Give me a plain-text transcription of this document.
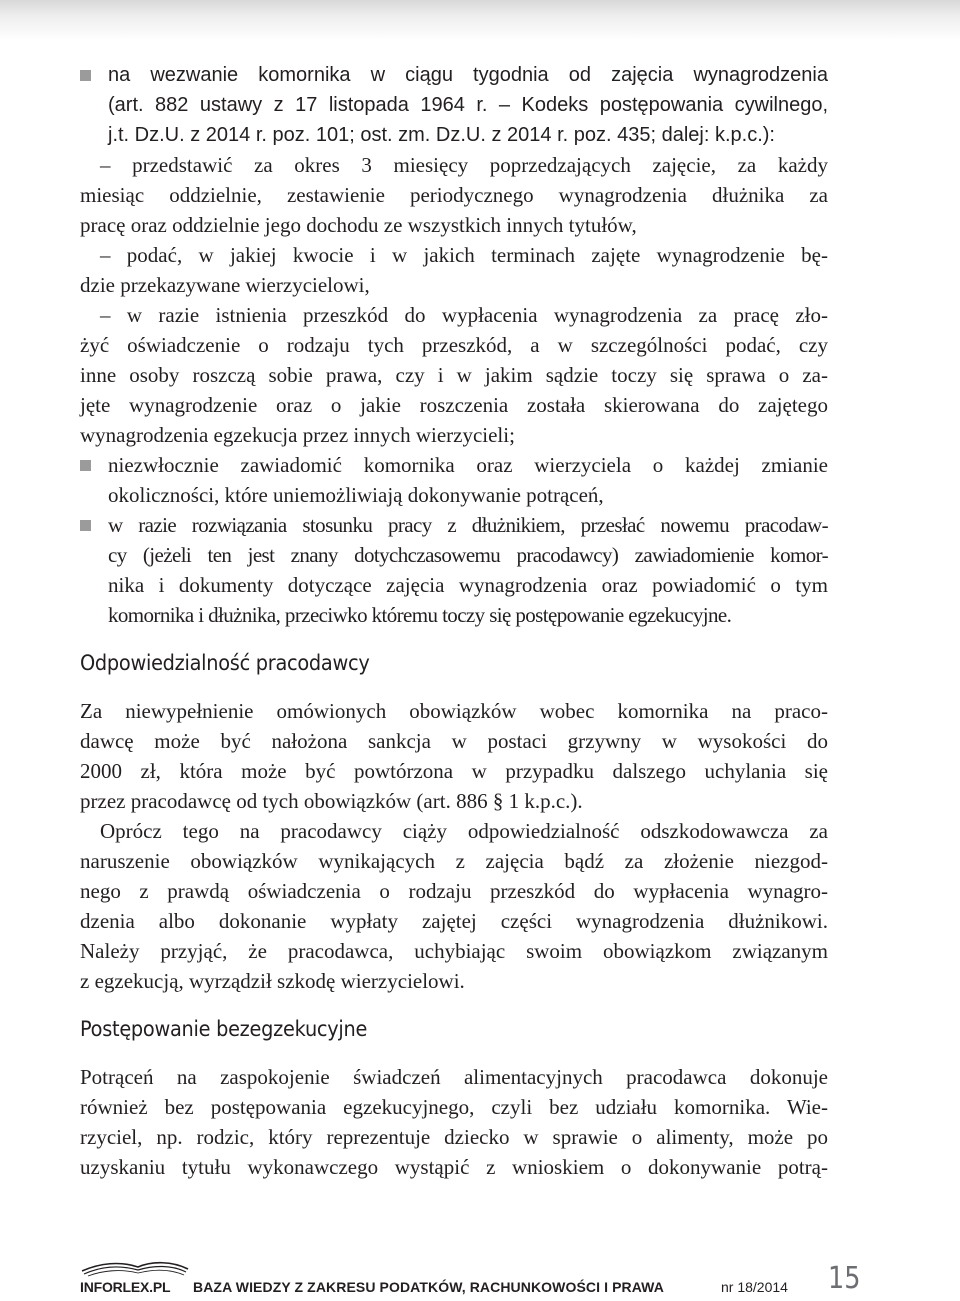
na wezwanie komornika w ciągu tygodnia od zajęcia wynagrodzenia
(art. 882 ustawy z 17 listopada 1964 r. – Kodeks postępowania cywilnego,
j.t. Dz.U. z 2014 r. poz. 101; ost. zm. Dz.U. z 2014 r. poz. 435; dalej: k.p.c.):
– przedstawić za okres 3 miesięcy poprzedzających zajęcie, za każdy
miesiąc oddzielnie, zestawienie periodycznego wynagrodzenia dłużnika za
pracę oraz oddzielnie jego dochodu ze wszystkich innych tytułów,
– podać, w jakiej kwocie i w jakich terminach zajęte wynagrodzenie bę-
dzie przekazywane wierzycielowi,
– w razie istnienia przeszkód do wypłacenia wynagrodzenia za pracę zło-
żyć oświadczenie o rodzaju tych przeszkód, a w szczególności podać, czy
inne osoby roszczą sobie prawa, czy i w jakim sądzie toczy się sprawa o za-
jęte wynagrodzenie oraz o jakie roszczenia została skierowana do zajętego
wynagrodzenia egzekucja przez innych wierzycieli;
niezwłocznie zawiadomić komornika oraz wierzyciela o każdej zmianie
okoliczności, które uniemożliwiają dokonywanie potrąceń,
w razie rozwiązania stosunku pracy z dłużnikiem, przesłać nowemu pracodaw-
cy (jeżeli ten jest znany dotychczasowemu pracodawcy) zawiadomienie komor-
nika i dokumenty dotyczące zajęcia wynagrodzenia oraz powiadomić o tym
komornika i dłużnika, przeciwko któremu toczy się postępowanie egzekucyjne.
Odpowiedzialność pracodawcy
Za niewypełnienie omówionych obowiązków wobec komornika na praco-
dawcę może być nałożona sankcja w postaci grzywny w wysokości do
2000 zł, która może być powtórzona w przypadku dalszego uchylania się
przez pracodawcę od tych obowiązków (art. 886 § 1 k.p.c.).
Oprócz tego na pracodawcy ciąży odpowiedzialność odszkodowawcza za
naruszenie obowiązków wynikających z zajęcia bądź za złożenie niezgod-
nego z prawdą oświadczenia o rodzaju przeszkód do wypłacenia wynagro-
dzenia albo dokonanie wypłaty zajętej części wynagrodzenia dłużnikowi.
Należy przyjąć, że pracodawca, uchybiając swoim obowiązkom związanym
z egzekucją, wyrządził szkodę wierzycielowi.
Postępowanie bezegzekucyjne
Potrąceń na zaspokojenie świadczeń alimentacyjnych pracodawca dokonuje
również bez postępowania egzekucyjnego, czyli bez udziału komornika. Wie-
rzyciel, np. rodzic, który reprezentuje dziecko w sprawie o alimenty, może po
uzyskaniu tytułu wykonawczego wystąpić z wnioskiem o dokonywanie potrą-
INFORLEX.PL BAZA WIEDZY Z ZAKRESU PODATKÓW, RACHUNKOWOŚCI I PRAWA	nr 18/2014 15
